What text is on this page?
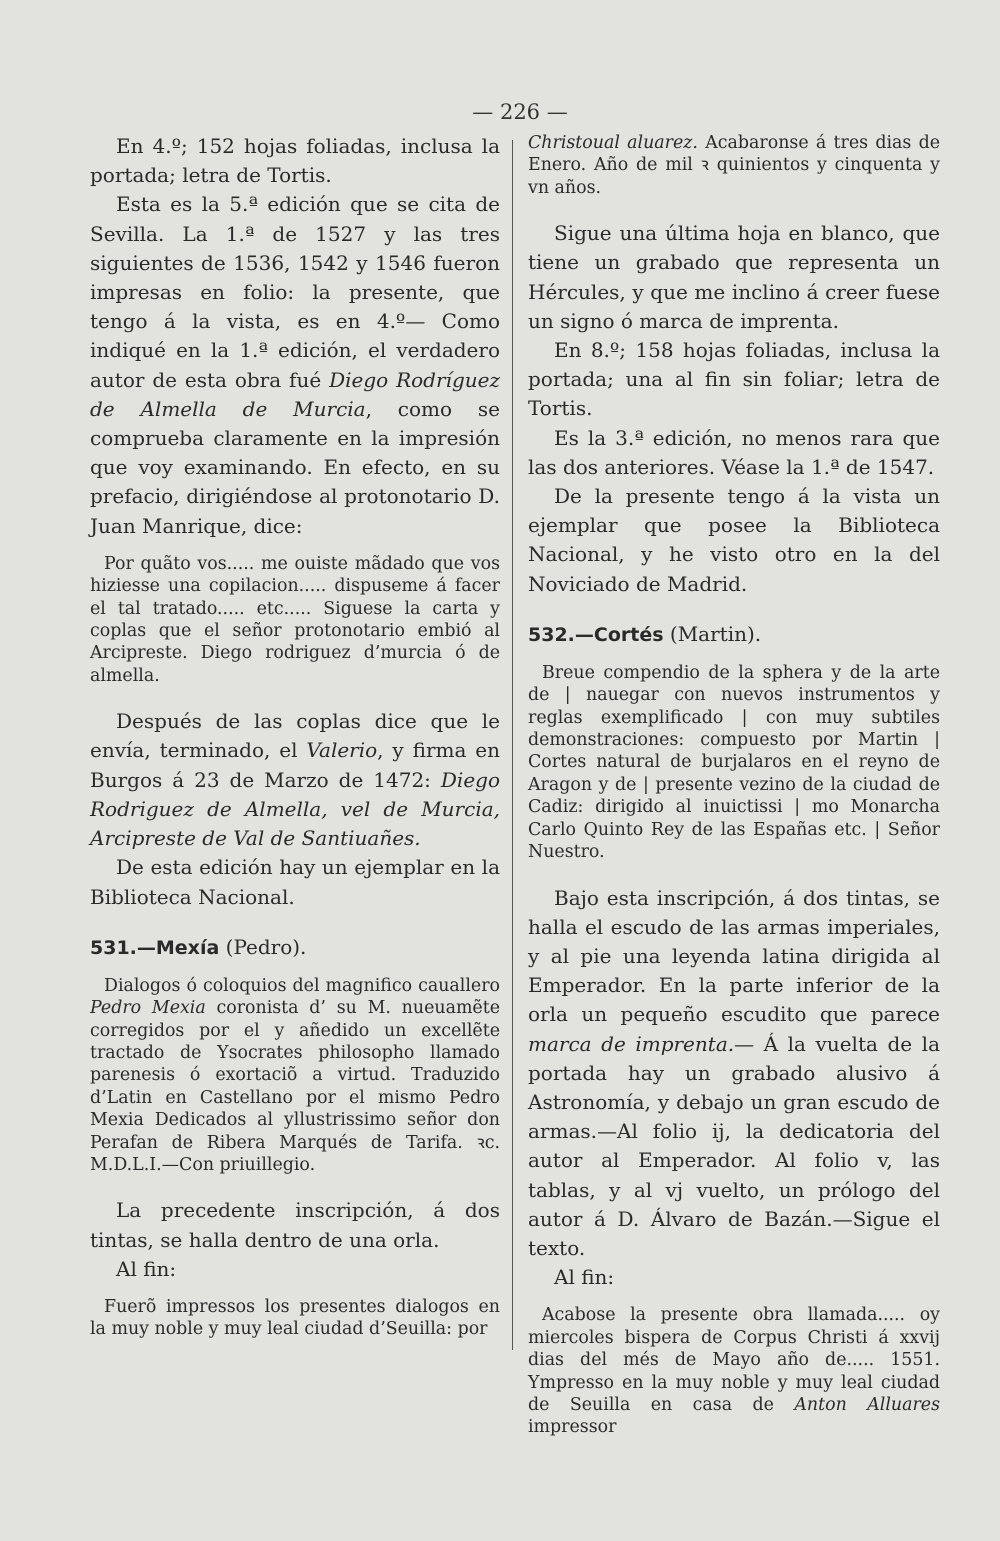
— 226 —

En 4.º; 152 hojas foliadas, inclusa la portada; letra de Tortis.

Esta es la 5.ª edición que se cita de Sevilla. La 1.ª de 1527 y las tres siguientes de 1536, 1542 y 1546 fueron impresas en folio: la presente, que tengo á la vista, es en 4.º— Como indiqué en la 1.ª edición, el verdadero autor de esta obra fué Diego Rodríguez de Almella de Murcia, como se comprueba claramente en la impresión que voy examinando. En efecto, en su prefacio, dirigiéndose al protonotario D. Juan Manrique, dice:

Por quãto vos..... me ouiste mãdado que vos hiziesse una copilacion..... dispuseme á facer el tal tratado..... etc..... Siguese la carta y coplas que el señor protonotario embió al Arcipreste. Diego rodriguez d’murcia ó de almella.

Después de las coplas dice que le envía, terminado, el Valerio, y firma en Burgos á 23 de Marzo de 1472: Diego Rodriguez de Almella, vel de Murcia, Arcipreste de Val de Santiuañes.

De esta edición hay un ejemplar en la Biblioteca Nacional.

531.—Mexía (Pedro).

Dialogos ó coloquios del magnifico cauallero Pedro Mexia coronista d’ su M. nueuamẽte corregidos por el y añedido un excellẽte tractado de Ysocrates philosopho llamado parenesis ó exortaciõ a virtud. Traduzido d’Latin en Castellano por el mismo Pedro Mexia Dedicados al yllustrissimo señor don Perafan de Ribera Marqués de Tarifa. ꝛc. M.D.L.I.—Con priuillegio.

La precedente inscripción, á dos tintas, se halla dentro de una orla.

Al fin:

Fuerõ impressos los presentes dialogos en la muy noble y muy leal ciudad d’Seuilla: por

Christoual aluarez. Acabaronse á tres dias de Enero. Año de mil ꝛ quinientos y cinquenta y vn años.

Sigue una última hoja en blanco, que tiene un grabado que representa un Hércules, y que me inclino á creer fuese un signo ó marca de imprenta.

En 8.º; 158 hojas foliadas, inclusa la portada; una al fin sin foliar; letra de Tortis.

Es la 3.ª edición, no menos rara que las dos anteriores. Véase la 1.ª de 1547.

De la presente tengo á la vista un ejemplar que posee la Biblioteca Nacional, y he visto otro en la del Noviciado de Madrid.

532.—Cortés (Martin).

Breue compendio de la sphera y de la arte de | nauegar con nuevos instrumentos y reglas exemplificado | con muy subtiles demonstraciones: compuesto por Martin | Cortes natural de burjalaros en el reyno de Aragon y de | presente vezino de la ciudad de Cadiz: dirigido al inuictissi | mo Monarcha Carlo Quinto Rey de las Españas etc. | Señor Nuestro.

Bajo esta inscripción, á dos tintas, se halla el escudo de las armas imperiales, y al pie una leyenda latina dirigida al Emperador. En la parte inferior de la orla un pequeño escudito que parece marca de imprenta.— Á la vuelta de la portada hay un grabado alusivo á Astronomía, y debajo un gran escudo de armas.—Al folio ij, la dedicatoria del autor al Emperador. Al folio v, las tablas, y al vj vuelto, un prólogo del autor á D. Álvaro de Bazán.—Sigue el texto.

Al fin:

Acabose la presente obra llamada..... oy miercoles bispera de Corpus Christi á xxvij dias del més de Mayo año de..... 1551. Ympresso en la muy noble y muy leal ciudad de Seuilla en casa de Anton Alluares impressor
